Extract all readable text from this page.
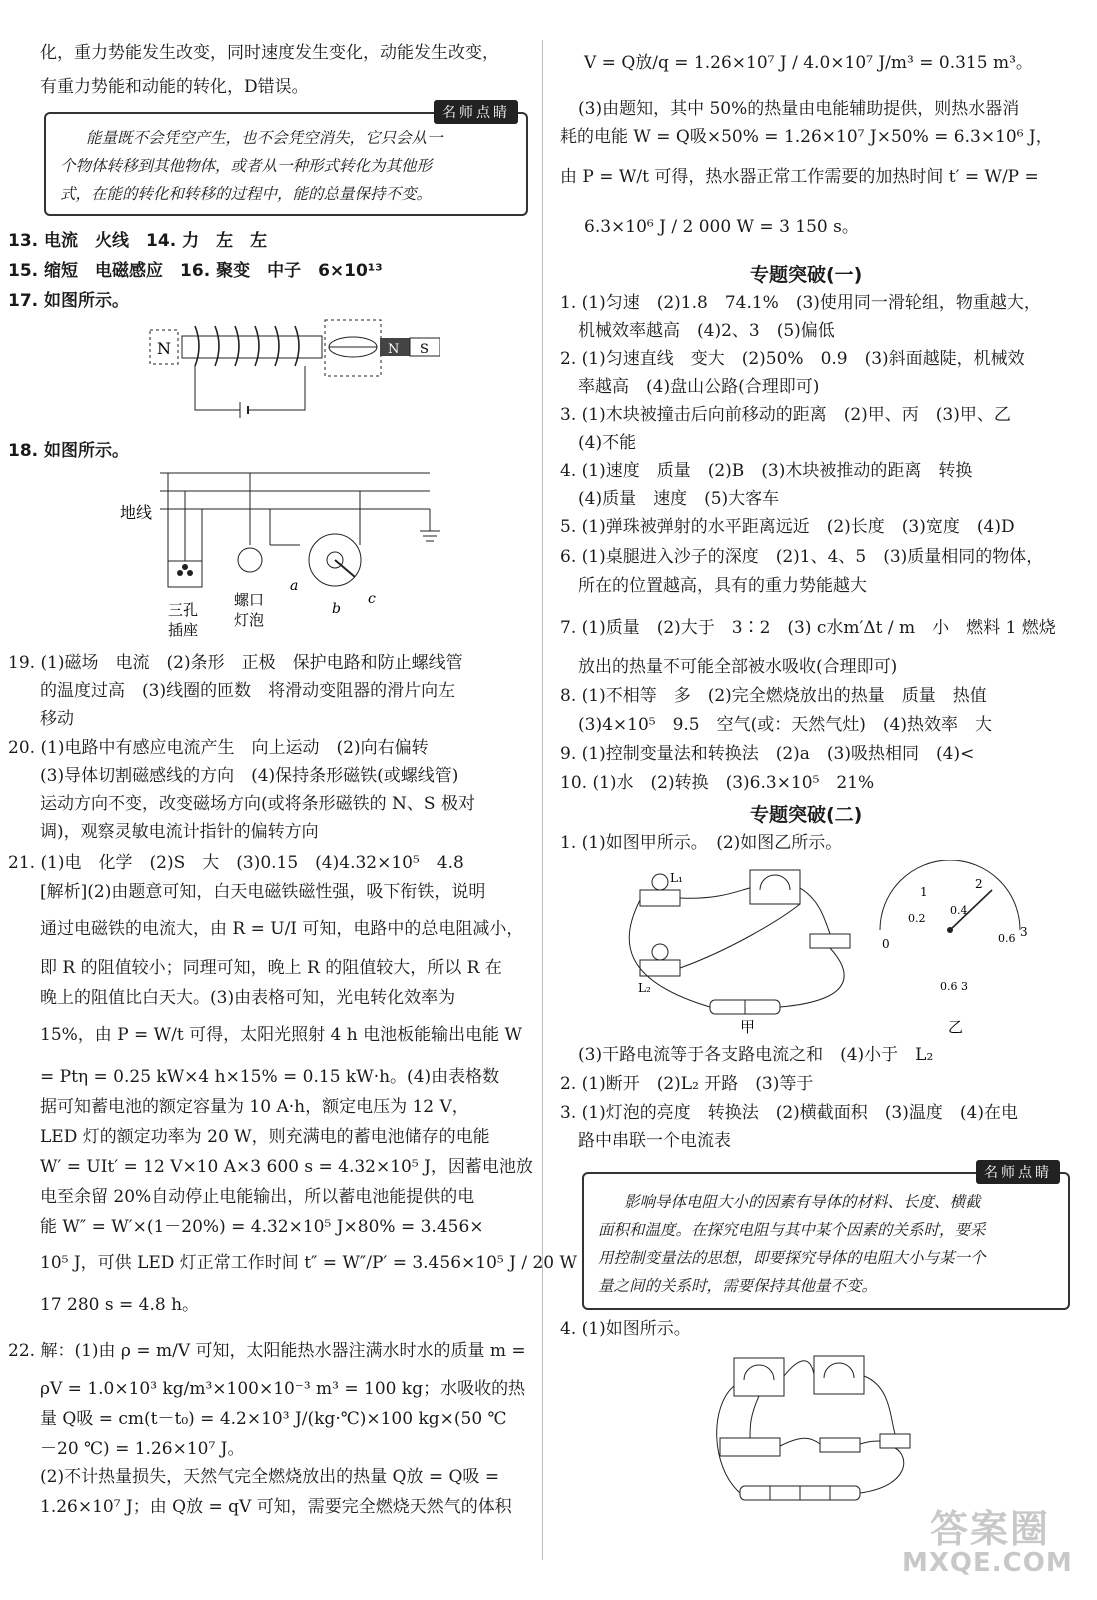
化，重力势能发生改变，同时速度发生变化，动能发生改变，
有重力势能和动能的转化，D错误。
名师点睛
能量既不会凭空产生，也不会凭空消失，它只会从一
个物体转移到其他物体，或者从一种形式转化为其他形
式，在能的转化和转移的过程中，能的总量保持不变。
13. 电流　火线　14. 力　左　左
15. 缩短　电磁感应　16. 聚变　中子　6×10¹³
17. 如图所示。
N	N S
18. 如图所示。
地线
三孔
插座
螺口
灯泡
a
b
c
19. (1)磁场　电流　(2)条形　正极　保护电路和防止螺线管
的温度过高　(3)线圈的匝数　将滑动变阻器的滑片向左
移动
20. (1)电路中有感应电流产生　向上运动　(2)向右偏转
(3)导体切割磁感线的方向　(4)保持条形磁铁(或螺线管)
运动方向不变，改变磁场方向(或将条形磁铁的 N、S 极对
调)，观察灵敏电流计指针的偏转方向
21. (1)电　化学　(2)S　大　(3)0.15　(4)4.32×10⁵　4.8
[解析](2)由题意可知，白天电磁铁磁性强，吸下衔铁，说明
通过电磁铁的电流大，由 R = U/I 可知，电路中的总电阻减小，
即 R 的阻值较小；同理可知，晚上 R 的阻值较大，所以 R 在
晚上的阻值比白天大。(3)由表格可知，光电转化效率为
15%，由 P = W/t 可得，太阳光照射 4 h 电池板能输出电能 W
= Ptη = 0.25 kW×4 h×15% = 0.15 kW·h。(4)由表格数
据可知蓄电池的额定容量为 10 A·h，额定电压为 12 V，
LED 灯的额定功率为 20 W，则充满电的蓄电池储存的电能
W′ = UIt′ = 12 V×10 A×3 600 s = 4.32×10⁵ J，因蓄电池放
电至余留 20%自动停止电能输出，所以蓄电池能提供的电
能 W″ = W′×(1－20%) = 4.32×10⁵ J×80% = 3.456×
10⁵ J，可供 LED 灯正常工作时间 t″ = W″/P′ = 3.456×10⁵ J / 20 W
17 280 s = 4.8 h。
22. 解：(1)由 ρ = m/V 可知，太阳能热水器注满水时水的质量 m =
ρV = 1.0×10³ kg/m³×100×10⁻³ m³ = 100 kg；水吸收的热
量 Q吸 = cm(t－t₀) = 4.2×10³ J/(kg·℃)×100 kg×(50 ℃
－20 ℃) = 1.26×10⁷ J。
(2)不计热量损失，天然气完全燃烧放出的热量 Q放 = Q吸 =
1.26×10⁷ J；由 Q放 = qV 可知，需要完全燃烧天然气的体积
V = Q放/q = 1.26×10⁷ J / 4.0×10⁷ J/m³ = 0.315 m³。
(3)由题知，其中 50%的热量由电能辅助提供，则热水器消
耗的电能 W = Q吸×50% = 1.26×10⁷ J×50% = 6.3×10⁶ J，
由 P = W/t 可得，热水器正常工作需要的加热时间 t′ = W/P =
6.3×10⁶ J / 2 000 W = 3 150 s。
专题突破(一)
1. (1)匀速　(2)1.8　74.1%　(3)使用同一滑轮组，物重越大，
机械效率越高　(4)2、3　(5)偏低
2. (1)匀速直线　变大　(2)50%　0.9　(3)斜面越陡，机械效
率越高　(4)盘山公路(合理即可)
3. (1)木块被撞击后向前移动的距离　(2)甲、丙　(3)甲、乙
(4)不能
4. (1)速度　质量　(2)B　(3)木块被推动的距离　转换
(4)质量　速度　(5)大客车
5. (1)弹珠被弹射的水平距离远近　(2)长度　(3)宽度　(4)D
6. (1)桌腿进入沙子的深度　(2)1、4、5　(3)质量相同的物体，
所在的位置越高，具有的重力势能越大
7. (1)质量　(2)大于　3∶2　(3) c水m′Δt / m　小　燃料 1 燃烧
放出的热量不可能全部被水吸收(合理即可)
8. (1)不相等　多　(2)完全燃烧放出的热量　质量　热值
(3)4×10⁵　9.5　空气(或：天然气灶)　(4)热效率　大
9. (1)控制变量法和转换法　(2)a　(3)吸热相同　(4)<
10. (1)水　(2)转换　(3)6.3×10⁵　21%
专题突破(二)
1. (1)如图甲所示。　(2)如图乙所示。
L₁
L₂
甲
0
1
2
3
0.2
0.4
0.6
0.6 3
乙
(3)干路电流等于各支路电流之和　(4)小于　L₂
2. (1)断开　(2)L₂ 开路　(3)等于
3. (1)灯泡的亮度　转换法　(2)横截面积　(3)温度　(4)在电
路中串联一个电流表
名师点睛
影响导体电阻大小的因素有导体的材料、长度、横截
面积和温度。在探究电阻与其中某个因素的关系时，要采
用控制变量法的思想，即要探究导体的电阻大小与某一个
量之间的关系时，需要保持其他量不变。
4. (1)如图所示。
答案圈
MXQE.COM
